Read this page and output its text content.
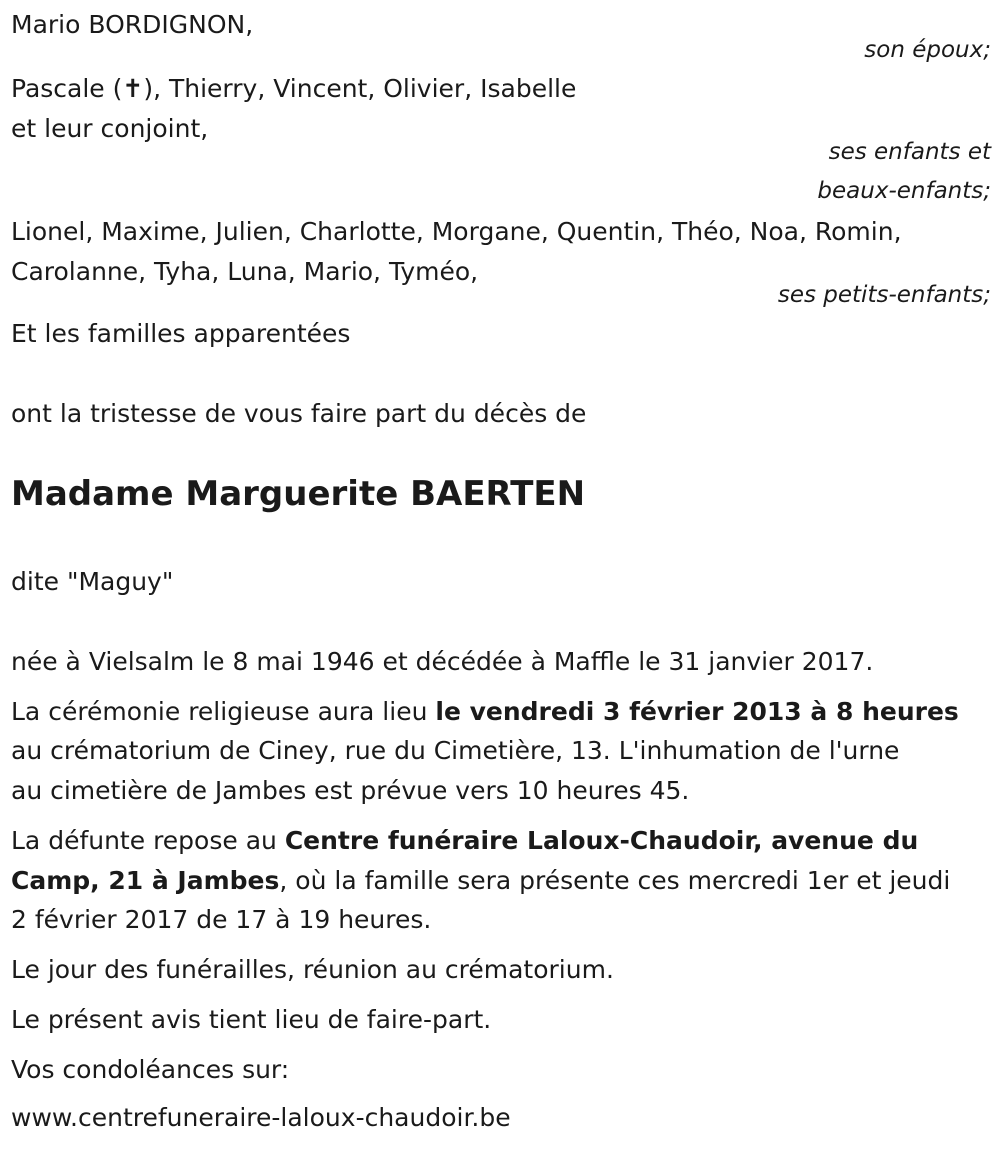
Mario BORDIGNON,
son époux;
Pascale (✝), Thierry, Vincent, Olivier, Isabelle
et leur conjoint,
ses enfants et
beaux-enfants;
Lionel, Maxime, Julien, Charlotte, Morgane, Quentin, Théo, Noa, Romin,
Carolanne, Tyha, Luna, Mario, Tyméo,
ses petits-enfants;
Et les familles apparentées
ont la tristesse de vous faire part du décès de
Madame Marguerite BAERTEN
dite "Maguy"
née à Vielsalm le 8 mai 1946 et décédée à Maffle le 31 janvier 2017.
La cérémonie religieuse aura lieu le vendredi 3 février 2013 à 8 heures
au crématorium de Ciney, rue du Cimetière, 13. L'inhumation de l'urne
au cimetière de Jambes est prévue vers 10 heures 45.
La défunte repose au Centre funéraire Laloux-Chaudoir, avenue du
Camp, 21 à Jambes, où la famille sera présente ces mercredi 1er et jeudi
2 février 2017 de 17 à 19 heures.
Le jour des funérailles, réunion au crématorium.
Le présent avis tient lieu de faire-part.
Vos condoléances sur:
www.centrefuneraire-laloux-chaudoir.be
